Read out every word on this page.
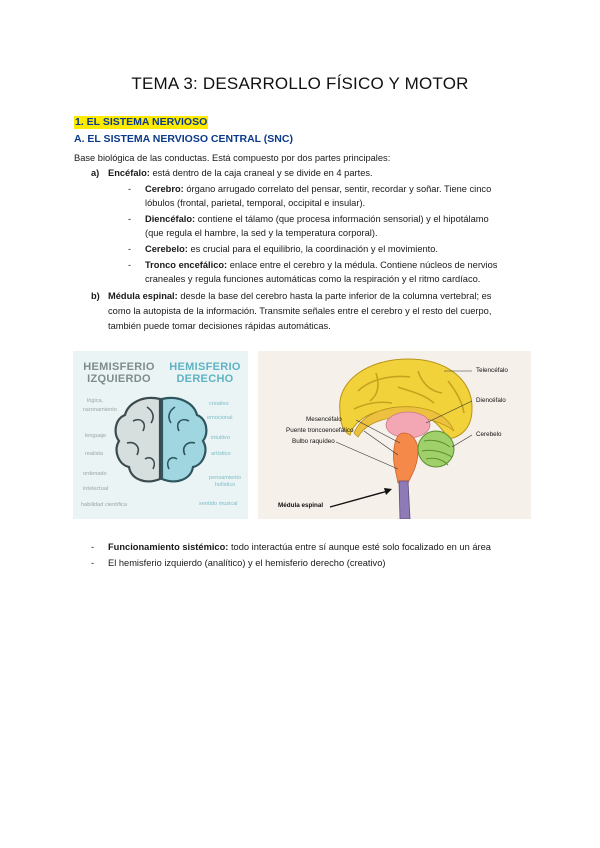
TEMA 3: DESARROLLO FÍSICO Y MOTOR
1. EL SISTEMA NERVIOSO
A. EL SISTEMA NERVIOSO CENTRAL (SNC)
Base biológica de las conductas. Está compuesto por dos partes principales:
a) Encéfalo: está dentro de la caja craneal y se divide en 4 partes.
- Cerebro: órgano arrugado correlato del pensar, sentir, recordar y soñar. Tiene cinco
lóbulos (frontal, parietal, temporal, occipital e insular).
- Diencéfalo: contiene el tálamo (que procesa información sensorial) y el hipotálamo
(que regula el hambre, la sed y la temperatura corporal).
- Cerebelo: es crucial para el equilibrio, la coordinación y el movimiento.
- Tronco encefálico: enlace entre el cerebro y la médula. Contiene núcleos de nervios
craneales y regula funciones automáticas como la respiración y el ritmo cardíaco.
b) Médula espinal: desde la base del cerebro hasta la parte inferior de la columna vertebral; es
como la autopista de la información. Transmite señales entre el cerebro y el resto del cuerpo,
también puede tomar decisiones rápidas automáticas.
HEMISFERIO
IZQUIERDO
HEMISFERIO
DERECHO
lógica,
razonamiento
lenguaje
realista
ordenado
intelectual
habilidad científica
creativo
emocional
intuitivo
artístico
pensamiento holístico
sentido musical
Telencéfalo
Diencéfalo
Cerebelo
Mesencéfalo
Puente troncoencefálico
Bulbo raquídeo
Médula espinal
- Funcionamiento sistémico: todo interactúa entre sí aunque esté solo focalizado en un área
- El hemisferio izquierdo (analítico) y el hemisferio derecho (creativo)
